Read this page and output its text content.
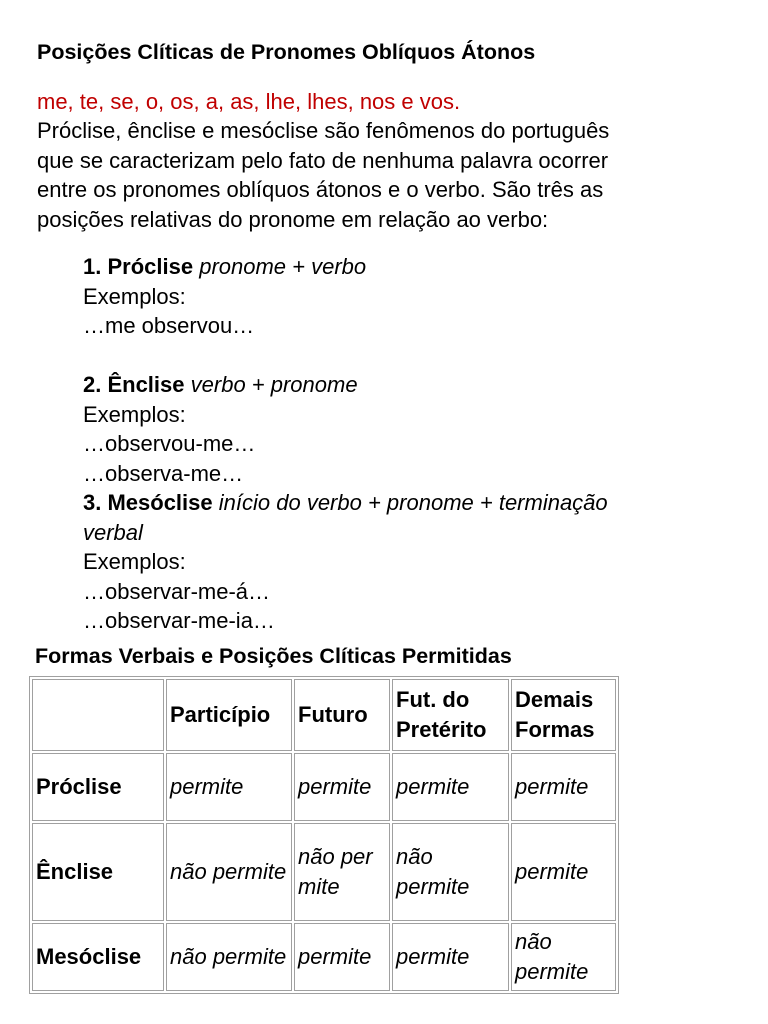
Posições Clíticas de Pronomes Oblíquos Átonos
me, te, se, o, os, a, as, lhe, lhes, nos e vos.
Próclise, ênclise e mesóclise são fenômenos do português
que se caracterizam pelo fato de nenhuma palavra ocorrer
entre os pronomes oblíquos átonos e o verbo. São três as
posições relativas do pronome em relação ao verbo:
1. Próclise pronome + verbo
Exemplos:
…me observou…
2. Ênclise verbo + pronome
Exemplos:
…observou-me…
…observa-me…
3. Mesóclise início do verbo + pronome + terminação
verbal
Exemplos:
…observar-me-á…
…observar-me-ia…
Formas Verbais e Posições Clíticas Permitidas
	Particípio	Futuro	Fut. do Pretérito	Demais Formas
Próclise	permite	permite	permite	permite
Ênclise	não permite	não permite	não permite	permite
Mesóclise	não permite	permite	permite	não permite
